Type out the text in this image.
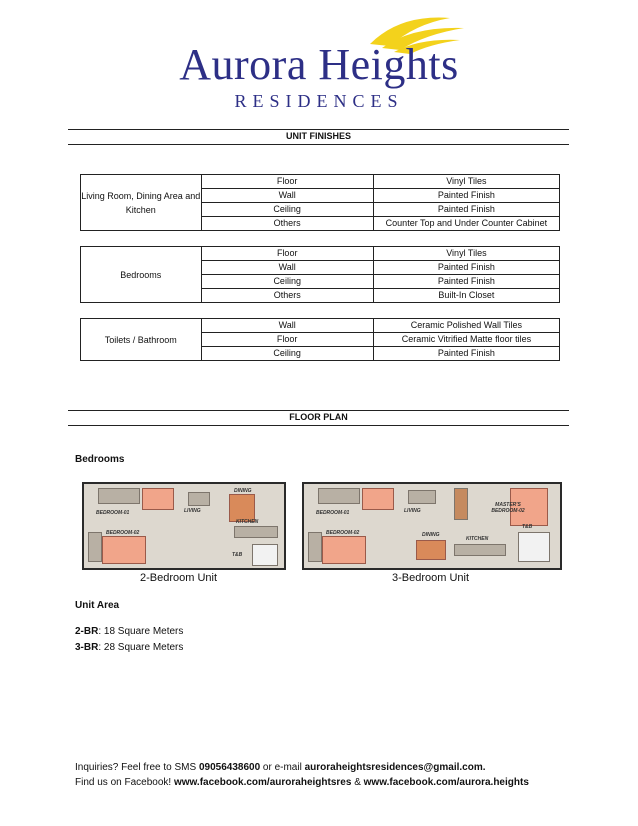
Aurora Heights
RESIDENCES
UNIT FINISHES
Living Room, Dining Area and Kitchen	Floor	Vinyl Tiles
	Wall	Painted Finish
	Ceiling	Painted Finish
	Others	Counter Top and Under Counter Cabinet
Bedrooms	Floor	Vinyl Tiles
	Wall	Painted Finish
	Ceiling	Painted Finish
	Others	Built-In Closet
Toilets / Bathroom	Wall	Ceramic Polished Wall Tiles
	Floor	Ceramic Vitrified Matte floor tiles
	Ceiling	Painted Finish
FLOOR PLAN
Bedrooms
BEDROOM-01	LIVING
DINING
KITCHEN
BEDROOM-02
T&B
2-Bedroom Unit
BEDROOM-01	LIVING
MASTER'S BEDROOM-02
BEDROOM-02	DINING
KITCHEN
T&B
3-Bedroom Unit
Unit Area
2-BR: 18 Square Meters
3-BR: 28 Square Meters
Inquiries? Feel free to SMS 09056438600 or e-mail auroraheightsresidences@gmail.com.
Find us on Facebook! www.facebook.com/auroraheightsres & www.facebook.com/aurora.heights
